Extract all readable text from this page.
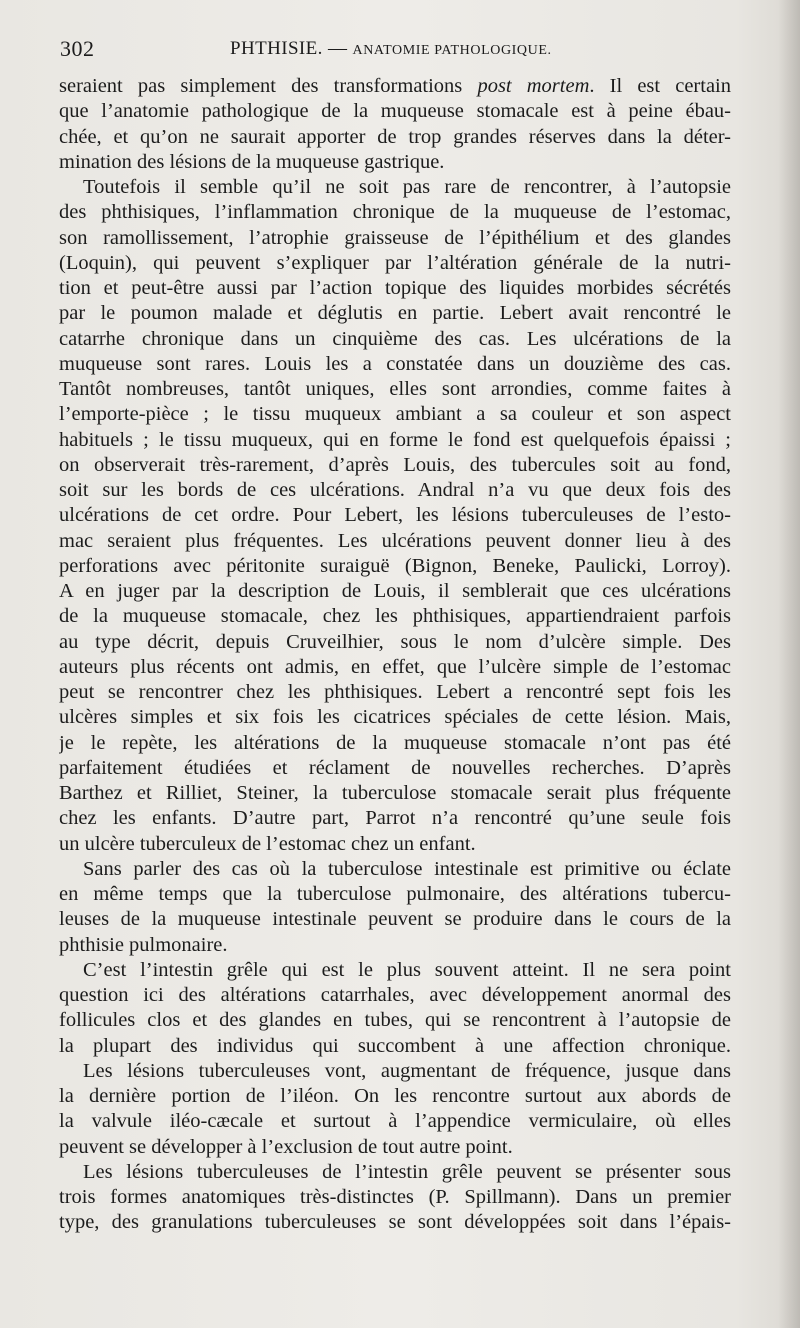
302	PHTHISIE. — ANATOMIE PATHOLOGIQUE.
seraient pas simplement des transformations post mortem. Il est certain
que l’anatomie pathologique de la muqueuse stomacale est à peine ébau-
chée, et qu’on ne saurait apporter de trop grandes réserves dans la déter-
mination des lésions de la muqueuse gastrique.
Toutefois il semble qu’il ne soit pas rare de rencontrer, à l’autopsie
des phthisiques, l’inflammation chronique de la muqueuse de l’estomac,
son ramollissement, l’atrophie graisseuse de l’épithélium et des glandes
(Loquin), qui peuvent s’expliquer par l’altération générale de la nutri-
tion et peut-être aussi par l’action topique des liquides morbides sécrétés
par le poumon malade et déglutis en partie. Lebert avait rencontré le
catarrhe chronique dans un cinquième des cas. Les ulcérations de la
muqueuse sont rares. Louis les a constatée dans un douzième des cas.
Tantôt nombreuses, tantôt uniques, elles sont arrondies, comme faites à
l’emporte-pièce ; le tissu muqueux ambiant a sa couleur et son aspect
habituels ; le tissu muqueux, qui en forme le fond est quelquefois épaissi ;
on observerait très-rarement, d’après Louis, des tubercules soit au fond,
soit sur les bords de ces ulcérations. Andral n’a vu que deux fois des
ulcérations de cet ordre. Pour Lebert, les lésions tuberculeuses de l’esto-
mac seraient plus fréquentes. Les ulcérations peuvent donner lieu à des
perforations avec péritonite suraiguë (Bignon, Beneke, Paulicki, Lorroy).
A en juger par la description de Louis, il semblerait que ces ulcérations
de la muqueuse stomacale, chez les phthisiques, appartiendraient parfois
au type décrit, depuis Cruveilhier, sous le nom d’ulcère simple. Des
auteurs plus récents ont admis, en effet, que l’ulcère simple de l’estomac
peut se rencontrer chez les phthisiques. Lebert a rencontré sept fois les
ulcères simples et six fois les cicatrices spéciales de cette lésion. Mais,
je le repète, les altérations de la muqueuse stomacale n’ont pas été
parfaitement étudiées et réclament de nouvelles recherches. D’après
Barthez et Rilliet, Steiner, la tuberculose stomacale serait plus fréquente
chez les enfants. D’autre part, Parrot n’a rencontré qu’une seule fois
un ulcère tuberculeux de l’estomac chez un enfant.
Sans parler des cas où la tuberculose intestinale est primitive ou éclate
en même temps que la tuberculose pulmonaire, des altérations tubercu-
leuses de la muqueuse intestinale peuvent se produire dans le cours de la
phthisie pulmonaire.
C’est l’intestin grêle qui est le plus souvent atteint. Il ne sera point
question ici des altérations catarrhales, avec développement anormal des
follicules clos et des glandes en tubes, qui se rencontrent à l’autopsie de
la plupart des individus qui succombent à une affection chronique.
Les lésions tuberculeuses vont, augmentant de fréquence, jusque dans
la dernière portion de l’iléon. On les rencontre surtout aux abords de
la valvule iléo-cæcale et surtout à l’appendice vermiculaire, où elles
peuvent se développer à l’exclusion de tout autre point.
Les lésions tuberculeuses de l’intestin grêle peuvent se présenter sous
trois formes anatomiques très-distinctes (P. Spillmann). Dans un premier
type, des granulations tuberculeuses se sont développées soit dans l’épais-
